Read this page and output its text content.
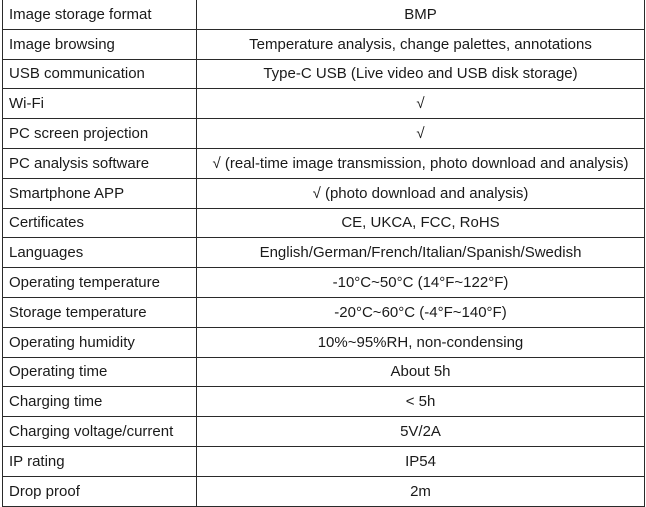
Image storage format	BMP
Image browsing	Temperature analysis, change palettes, annotations
USB communication	Type-C USB (Live video and USB disk storage)
Wi-Fi	√
PC screen projection	√
PC analysis software	√ (real-time image transmission, photo download and analysis)
Smartphone APP	√ (photo download and analysis)
Certificates	CE, UKCA, FCC, RoHS
Languages	English/German/French/Italian/Spanish/Swedish
Operating temperature	-10°C~50°C (14°F~122°F)
Storage temperature	-20°C~60°C (-4°F~140°F)
Operating humidity	10%~95%RH, non-condensing
Operating time	About 5h
Charging time	< 5h
Charging voltage/current	5V/2A
IP rating	IP54
Drop proof	2m
